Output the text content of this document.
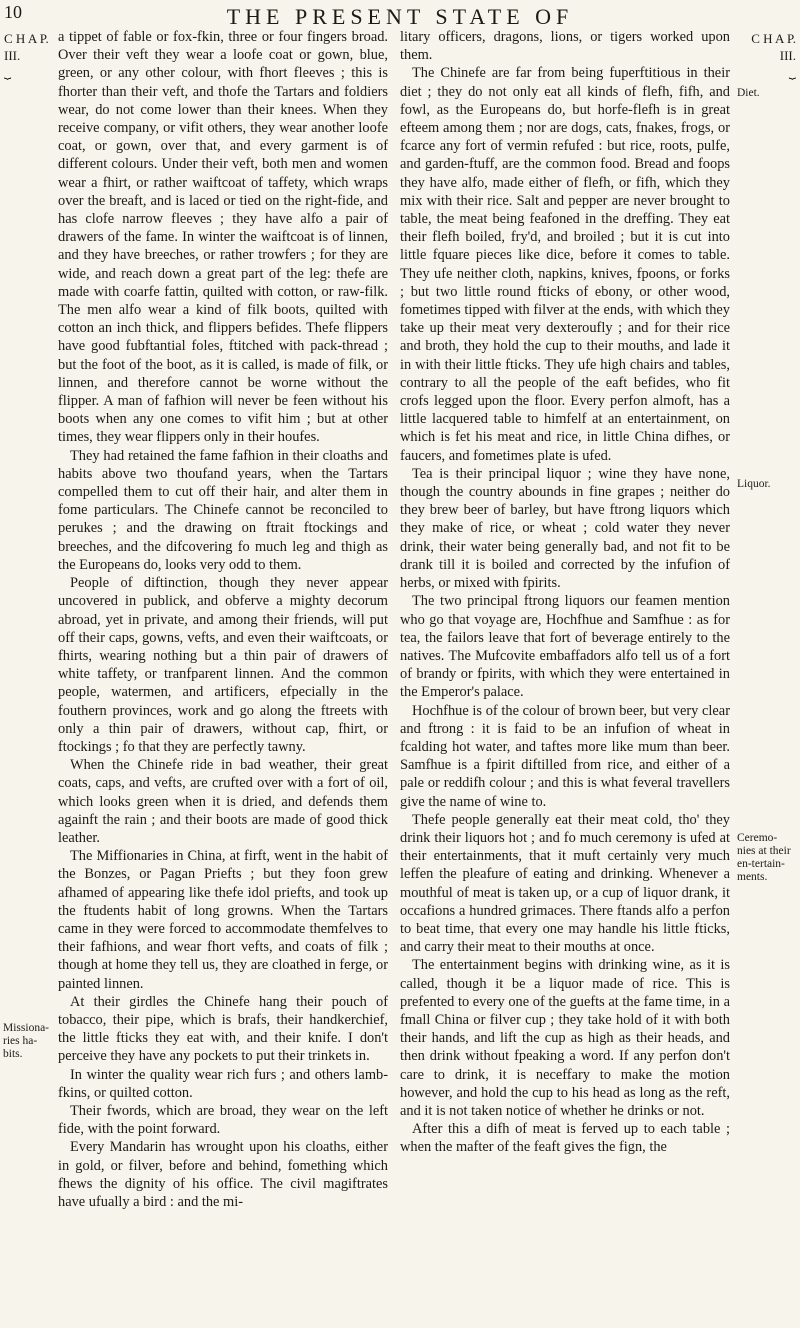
10	THE PRESENT STATE OF
C H A P.
III.
⏟
C H A P.
III.
⏟
Missiona-ries ha-bits.
Diet.
Liquor.
Ceremo-nies at their en-tertain-ments.

a tippet of fable or fox-fkin, three or four fingers broad. Over their veft they wear a loofe coat or gown, blue, green, or any other colour, with fhort fleeves ; this is fhorter than their veft, and thofe the Tartars and foldiers wear, do not come lower than their knees. When they receive company, or vifit others, they wear another loofe coat, or gown, over that, and every garment is of different colours. Under their veft, both men and women wear a fhirt, or rather waiftcoat of taffety, which wraps over the breaft, and is laced or tied on the right-fide, and has clofe narrow fleeves ; they have alfo a pair of drawers of the fame. In winter the waiftcoat is of linnen, and they have breeches, or rather trowfers ; for they are wide, and reach down a great part of the leg: thefe are made with coarfe fattin, quilted with cotton, or raw-filk. The men alfo wear a kind of filk boots, quilted with cotton an inch thick, and flippers befides. Thefe flippers have good fubftantial foles, ftitched with pack-thread ; but the foot of the boot, as it is called, is made of filk, or linnen, and therefore cannot be worne without the flipper. A man of fafhion will never be feen without his boots when any one comes to vifit him ; but at other times, they wear flippers only in their houfes.

They had retained the fame fafhion in their cloaths and habits above two thoufand years, when the Tartars compelled them to cut off their hair, and alter them in fome particulars. The Chinefe cannot be reconciled to perukes ; and the drawing on ftrait ftockings and breeches, and the difcovering fo much leg and thigh as the Europeans do, looks very odd to them.

People of diftinction, though they never appear uncovered in publick, and obferve a mighty decorum abroad, yet in private, and among their friends, will put off their caps, gowns, vefts, and even their waiftcoats, or fhirts, wearing nothing but a thin pair of drawers of white taffety, or tranfparent linnen. And the common people, watermen, and artificers, efpecially in the fouthern provinces, work and go along the ftreets with only a thin pair of drawers, without cap, fhirt, or ftockings ; fo that they are perfectly tawny.

When the Chinefe ride in bad weather, their great coats, caps, and vefts, are crufted over with a fort of oil, which looks green when it is dried, and defends them againft the rain ; and their boots are made of good thick leather.

The Miffionaries in China, at firft, went in the habit of the Bonzes, or Pagan Priefts ; but they foon grew afhamed of appearing like thefe idol priefts, and took up the ftudents habit of long growns. When the Tartars came in they were forced to accommodate themfelves to their fafhions, and wear fhort vefts, and coats of filk ; though at home they tell us, they are cloathed in ferge, or painted linnen.

At their girdles the Chinefe hang their pouch of tobacco, their pipe, which is brafs, their handkerchief, the little fticks they eat with, and their knife. I don't perceive they have any pockets to put their trinkets in.

In winter the quality wear rich furs ; and others lamb-fkins, or quilted cotton.

Their fwords, which are broad, they wear on the left fide, with the point forward.

Every Mandarin has wrought upon his cloaths, either in gold, or filver, before and behind, fomething which fhews the dignity of his office. The civil magiftrates have ufually a bird : and the mi-

litary officers, dragons, lions, or tigers worked upon them.

The Chinefe are far from being fuperftitious in their diet ; they do not only eat all kinds of flefh, fifh, and fowl, as the Europeans do, but horfe-flefh is in great efteem among them ; nor are dogs, cats, fnakes, frogs, or fcarce any fort of vermin refufed : but rice, roots, pulfe, and garden-ftuff, are the common food. Bread and foops they have alfo, made either of flefh, or fifh, which they mix with their rice. Salt and pepper are never brought to table, the meat being feafoned in the dreffing. They eat their flefh boiled, fry'd, and broiled ; but it is cut into little fquare pieces like dice, before it comes to table. They ufe neither cloth, napkins, knives, fpoons, or forks ; but two little round fticks of ebony, or other wood, fometimes tipped with filver at the ends, with which they take up their meat very dexteroufly ; and for their rice and broth, they hold the cup to their mouths, and lade it in with their little fticks. They ufe high chairs and tables, contrary to all the people of the eaft befides, who fit crofs legged upon the floor. Every perfon almoft, has a little lacquered table to himfelf at an entertainment, on which is fet his meat and rice, in little China difhes, or faucers, and fometimes plate is ufed.

Tea is their principal liquor ; wine they have none, though the country abounds in fine grapes ; neither do they brew beer of barley, but have ftrong liquors which they make of rice, or wheat ; cold water they never drink, their water being generally bad, and not fit to be drank till it is boiled and corrected by the infufion of herbs, or mixed with fpirits.

The two principal ftrong liquors our feamen mention who go that voyage are, Hochfhue and Samfhue : as for tea, the failors leave that fort of beverage entirely to the natives. The Mufcovite embaffadors alfo tell us of a fort of brandy or fpirits, with which they were entertained in the Emperor's palace.

Hochfhue is of the colour of brown beer, but very clear and ftrong : it is faid to be an infufion of wheat in fcalding hot water, and taftes more like mum than beer. Samfhue is a fpirit diftilled from rice, and either of a pale or reddifh colour ; and this is what feveral travellers give the name of wine to.

Thefe people generally eat their meat cold, tho' they drink their liquors hot ; and fo much ceremony is ufed at their entertainments, that it muft certainly very much leffen the pleafure of eating and drinking. Whenever a mouthful of meat is taken up, or a cup of liquor drank, it occafions a hundred grimaces. There ftands alfo a perfon to beat time, that every one may handle his little fticks, and carry their meat to their mouths at once.

The entertainment begins with drinking wine, as it is called, though it be a liquor made of rice. This is prefented to every one of the guefts at the fame time, in a fmall China or filver cup ; they take hold of it with both their hands, and lift the cup as high as their heads, and then drink without fpeaking a word. If any perfon don't care to drink, it is neceffary to make the motion however, and hold the cup to his head as long as the reft, and it is not taken notice of whether he drinks or not.

After this a difh of meat is ferved up to each table ; when the mafter of the feaft gives the fign, the
